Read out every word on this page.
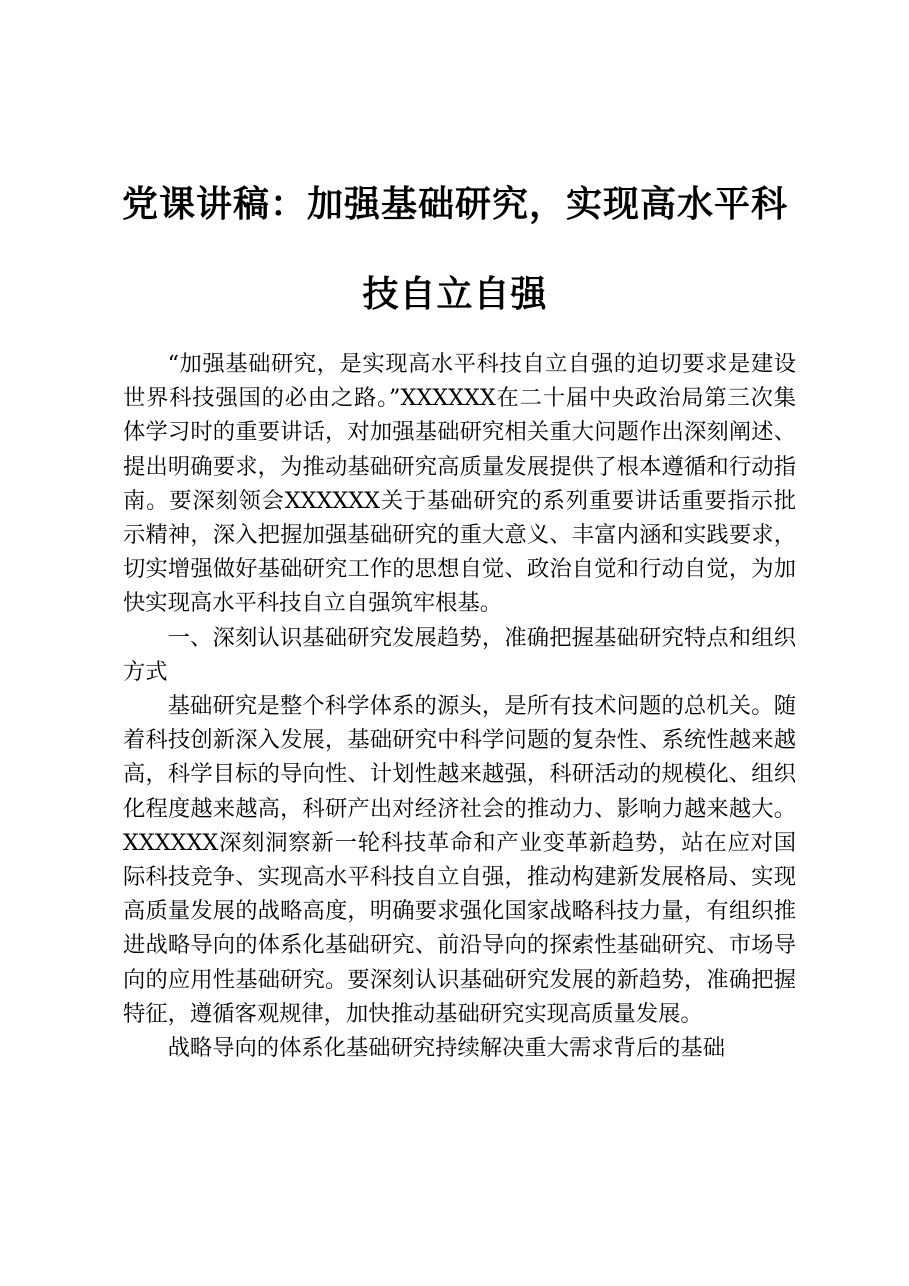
党课讲稿：加强基础研究，实现高水平科技自立自强

“加强基础研究，是实现高水平科技自立自强的迫切要求是建设世界科技强国的必由之路。”XXXXXX在二十届中央政治局第三次集体学习时的重要讲话，对加强基础研究相关重大问题作出深刻阐述、提出明确要求，为推动基础研究高质量发展提供了根本遵循和行动指南。要深刻领会XXXXXX关于基础研究的系列重要讲话重要指示批示精神，深入把握加强基础研究的重大意义、丰富内涵和实践要求，切实增强做好基础研究工作的思想自觉、政治自觉和行动自觉，为加快实现高水平科技自立自强筑牢根基。

一、深刻认识基础研究发展趋势，准确把握基础研究特点和组织方式

基础研究是整个科学体系的源头，是所有技术问题的总机关。随着科技创新深入发展，基础研究中科学问题的复杂性、系统性越来越高，科学目标的导向性、计划性越来越强，科研活动的规模化、组织化程度越来越高，科研产出对经济社会的推动力、影响力越来越大。XXXXXX深刻洞察新一轮科技革命和产业变革新趋势，站在应对国际科技竞争、实现高水平科技自立自强，推动构建新发展格局、实现高质量发展的战略高度，明确要求强化国家战略科技力量，有组织推进战略导向的体系化基础研究、前沿导向的探索性基础研究、市场导向的应用性基础研究。要深刻认识基础研究发展的新趋势，准确把握特征，遵循客观规律，加快推动基础研究实现高质量发展。

战略导向的体系化基础研究持续解决重大需求背后的基础
